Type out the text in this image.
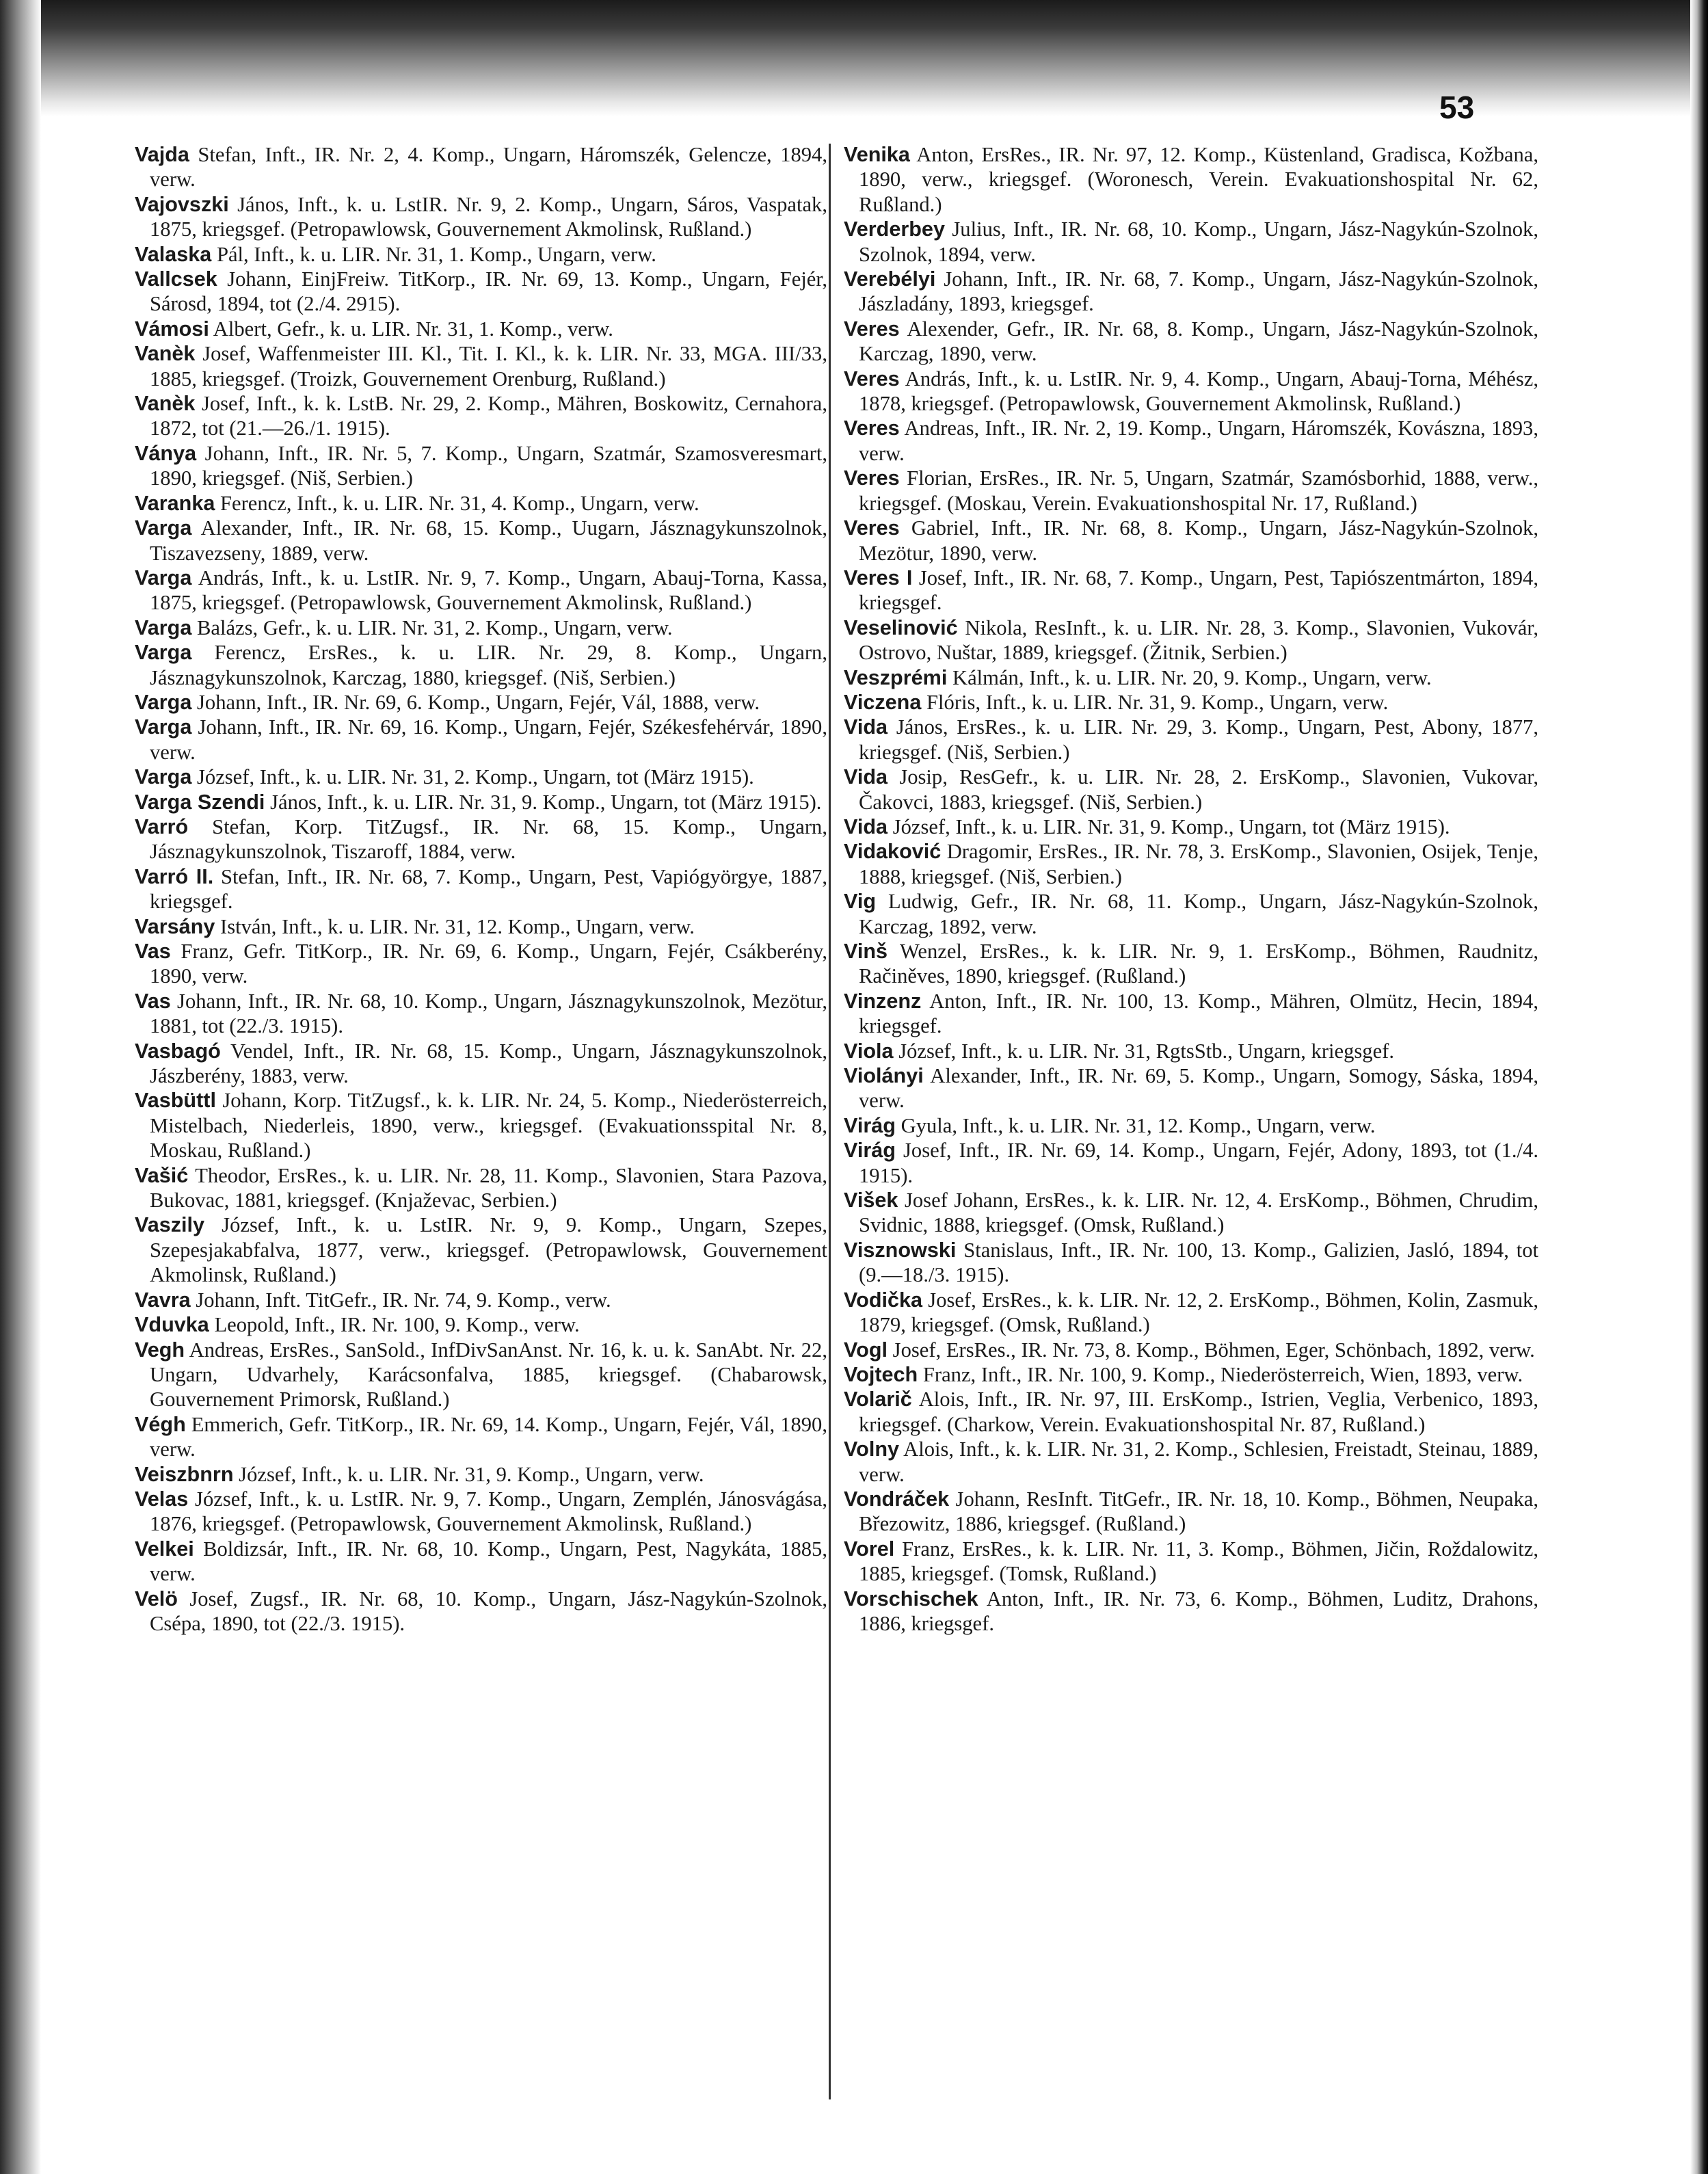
53

Vajda Stefan, Inft., IR. Nr. 2, 4. Komp., Ungarn, Háromszék, Gelencze, 1894, verw.

Vajovszki János, Inft., k. u. LstIR. Nr. 9, 2. Komp., Ungarn, Sáros, Vaspatak, 1875, kriegsgef. (Petropawlowsk, Gouvernement Akmolinsk, Rußland.)

Valaska Pál, Inft., k. u. LIR. Nr. 31, 1. Komp., Ungarn, verw.

Vallcsek Johann, EinjFreiw. TitKorp., IR. Nr. 69, 13. Komp., Ungarn, Fejér, Sárosd, 1894, tot (2./4. 2915).

Vámosi Albert, Gefr., k. u. LIR. Nr. 31, 1. Komp., verw.

Vanèk Josef, Waffenmeister III. Kl., Tit. I. Kl., k. k. LIR. Nr. 33, MGA. III/33, 1885, kriegsgef. (Troizk, Gouvernement Orenburg, Rußland.)

Vanèk Josef, Inft., k. k. LstB. Nr. 29, 2. Komp., Mähren, Boskowitz, Cernahora, 1872, tot (21.—26./1. 1915).

Ványa Johann, Inft., IR. Nr. 5, 7. Komp., Ungarn, Szatmár, Szamosveresmart, 1890, kriegsgef. (Niš, Serbien.)

Varanka Ferencz, Inft., k. u. LIR. Nr. 31, 4. Komp., Ungarn, verw.

Varga Alexander, Inft., IR. Nr. 68, 15. Komp., Uugarn, Jásznagykunszolnok, Tiszavezseny, 1889, verw.

Varga András, Inft., k. u. LstIR. Nr. 9, 7. Komp., Ungarn, Abauj-Torna, Kassa, 1875, kriegsgef. (Petropawlowsk, Gouvernement Akmolinsk, Rußland.)

Varga Balázs, Gefr., k. u. LIR. Nr. 31, 2. Komp., Ungarn, verw.

Varga Ferencz, ErsRes., k. u. LIR. Nr. 29, 8. Komp., Ungarn, Jásznagykunszolnok, Karczag, 1880, kriegsgef. (Niš, Serbien.)

Varga Johann, Inft., IR. Nr. 69, 6. Komp., Ungarn, Fejér, Vál, 1888, verw.

Varga Johann, Inft., IR. Nr. 69, 16. Komp., Ungarn, Fejér, Székesfehérvár, 1890, verw.

Varga József, Inft., k. u. LIR. Nr. 31, 2. Komp., Ungarn, tot (März 1915).

Varga Szendi János, Inft., k. u. LIR. Nr. 31, 9. Komp., Ungarn, tot (März 1915).

Varró Stefan, Korp. TitZugsf., IR. Nr. 68, 15. Komp., Ungarn, Jásznagykunszolnok, Tiszaroff, 1884, verw.

Varró II. Stefan, Inft., IR. Nr. 68, 7. Komp., Ungarn, Pest, Vapiógyörgye, 1887, kriegsgef.

Varsány István, Inft., k. u. LIR. Nr. 31, 12. Komp., Ungarn, verw.

Vas Franz, Gefr. TitKorp., IR. Nr. 69, 6. Komp., Ungarn, Fejér, Csákberény, 1890, verw.

Vas Johann, Inft., IR. Nr. 68, 10. Komp., Ungarn, Jásznagykunszolnok, Mezötur, 1881, tot (22./3. 1915).

Vasbagó Vendel, Inft., IR. Nr. 68, 15. Komp., Ungarn, Jásznagykunszolnok, Jászberény, 1883, verw.

Vasbüttl Johann, Korp. TitZugsf., k. k. LIR. Nr. 24, 5. Komp., Niederösterreich, Mistelbach, Niederleis, 1890, verw., kriegsgef. (Evakuationsspital Nr. 8, Moskau, Rußland.)

Vašić Theodor, ErsRes., k. u. LIR. Nr. 28, 11. Komp., Slavonien, Stara Pazova, Bukovac, 1881, kriegsgef. (Knjaževac, Serbien.)

Vaszily József, Inft., k. u. LstIR. Nr. 9, 9. Komp., Ungarn, Szepes, Szepesjakabfalva, 1877, verw., kriegsgef. (Petropawlowsk, Gouvernement Akmolinsk, Rußland.)

Vavra Johann, Inft. TitGefr., IR. Nr. 74, 9. Komp., verw.

Vduvka Leopold, Inft., IR. Nr. 100, 9. Komp., verw.

Vegh Andreas, ErsRes., SanSold., InfDivSanAnst. Nr. 16, k. u. k. SanAbt. Nr. 22, Ungarn, Udvarhely, Karácsonfalva, 1885, kriegsgef. (Chabarowsk, Gouvernement Primorsk, Rußland.)

Végh Emmerich, Gefr. TitKorp., IR. Nr. 69, 14. Komp., Ungarn, Fejér, Vál, 1890, verw.

Veiszbnrn József, Inft., k. u. LIR. Nr. 31, 9. Komp., Ungarn, verw.

Velas József, Inft., k. u. LstIR. Nr. 9, 7. Komp., Ungarn, Zemplén, Jánosvágása, 1876, kriegsgef. (Petropawlowsk, Gouvernement Akmolinsk, Rußland.)

Velkei Boldizsár, Inft., IR. Nr. 68, 10. Komp., Ungarn, Pest, Nagykáta, 1885, verw.

Velö Josef, Zugsf., IR. Nr. 68, 10. Komp., Ungarn, Jász-Nagykún-Szolnok, Csépa, 1890, tot (22./3. 1915).

Venika Anton, ErsRes., IR. Nr. 97, 12. Komp., Küstenland, Gradisca, Kožbana, 1890, verw., kriegsgef. (Woronesch, Verein. Evakuationshospital Nr. 62, Rußland.)

Verderbey Julius, Inft., IR. Nr. 68, 10. Komp., Ungarn, Jász-Nagykún-Szolnok, Szolnok, 1894, verw.

Verebélyi Johann, Inft., IR. Nr. 68, 7. Komp., Ungarn, Jász-Nagykún-Szolnok, Jászladány, 1893, kriegsgef.

Veres Alexender, Gefr., IR. Nr. 68, 8. Komp., Ungarn, Jász-Nagykún-Szolnok, Karczag, 1890, verw.

Veres András, Inft., k. u. LstIR. Nr. 9, 4. Komp., Ungarn, Abauj-Torna, Méhész, 1878, kriegsgef. (Petropawlowsk, Gouvernement Akmolinsk, Rußland.)

Veres Andreas, Inft., IR. Nr. 2, 19. Komp., Ungarn, Háromszék, Kovászna, 1893, verw.

Veres Florian, ErsRes., IR. Nr. 5, Ungarn, Szatmár, Szamósborhid, 1888, verw., kriegsgef. (Moskau, Verein. Evakuationshospital Nr. 17, Rußland.)

Veres Gabriel, Inft., IR. Nr. 68, 8. Komp., Ungarn, Jász-Nagykún-Szolnok, Mezötur, 1890, verw.

Veres I Josef, Inft., IR. Nr. 68, 7. Komp., Ungarn, Pest, Tapiószentmárton, 1894, kriegsgef.

Veselinović Nikola, ResInft., k. u. LIR. Nr. 28, 3. Komp., Slavonien, Vukovár, Ostrovo, Nuštar, 1889, kriegsgef. (Žitnik, Serbien.)

Veszprémi Kálmán, Inft., k. u. LIR. Nr. 20, 9. Komp., Ungarn, verw.

Viczena Flóris, Inft., k. u. LIR. Nr. 31, 9. Komp., Ungarn, verw.

Vida János, ErsRes., k. u. LIR. Nr. 29, 3. Komp., Ungarn, Pest, Abony, 1877, kriegsgef. (Niš, Serbien.)

Vida Josip, ResGefr., k. u. LIR. Nr. 28, 2. ErsKomp., Slavonien, Vukovar, Čakovci, 1883, kriegsgef. (Niš, Serbien.)

Vida József, Inft., k. u. LIR. Nr. 31, 9. Komp., Ungarn, tot (März 1915).

Vidaković Dragomir, ErsRes., IR. Nr. 78, 3. ErsKomp., Slavonien, Osijek, Tenje, 1888, kriegsgef. (Niš, Serbien.)

Vig Ludwig, Gefr., IR. Nr. 68, 11. Komp., Ungarn, Jász-Nagykún-Szolnok, Karczag, 1892, verw.

Vinš Wenzel, ErsRes., k. k. LIR. Nr. 9, 1. ErsKomp., Böhmen, Raudnitz, Račiněves, 1890, kriegsgef. (Rußland.)

Vinzenz Anton, Inft., IR. Nr. 100, 13. Komp., Mähren, Olmütz, Hecin, 1894, kriegsgef.

Viola József, Inft., k. u. LIR. Nr. 31, RgtsStb., Ungarn, kriegsgef.

Violányi Alexander, Inft., IR. Nr. 69, 5. Komp., Ungarn, Somogy, Sáska, 1894, verw.

Virág Gyula, Inft., k. u. LIR. Nr. 31, 12. Komp., Ungarn, verw.

Virág Josef, Inft., IR. Nr. 69, 14. Komp., Ungarn, Fejér, Adony, 1893, tot (1./4. 1915).

Višek Josef Johann, ErsRes., k. k. LIR. Nr. 12, 4. ErsKomp., Böhmen, Chrudim, Svidnic, 1888, kriegsgef. (Omsk, Rußland.)

Visznowski Stanislaus, Inft., IR. Nr. 100, 13. Komp., Galizien, Jasló, 1894, tot (9.—18./3. 1915).

Vodička Josef, ErsRes., k. k. LIR. Nr. 12, 2. ErsKomp., Böhmen, Kolin, Zasmuk, 1879, kriegsgef. (Omsk, Rußland.)

Vogl Josef, ErsRes., IR. Nr. 73, 8. Komp., Böhmen, Eger, Schönbach, 1892, verw.

Vojtech Franz, Inft., IR. Nr. 100, 9. Komp., Niederösterreich, Wien, 1893, verw.

Volarič Alois, Inft., IR. Nr. 97, III. ErsKomp., Istrien, Veglia, Verbenico, 1893, kriegsgef. (Charkow, Verein. Evakuationshospital Nr. 87, Rußland.)

Volny Alois, Inft., k. k. LIR. Nr. 31, 2. Komp., Schlesien, Freistadt, Steinau, 1889, verw.

Vondráček Johann, ResInft. TitGefr., IR. Nr. 18, 10. Komp., Böhmen, Neupaka, Březowitz, 1886, kriegsgef. (Rußland.)

Vorel Franz, ErsRes., k. k. LIR. Nr. 11, 3. Komp., Böhmen, Jičin, Roždalowitz, 1885, kriegsgef. (Tomsk, Rußland.)

Vorschischek Anton, Inft., IR. Nr. 73, 6. Komp., Böhmen, Luditz, Drahons, 1886, kriegsgef.
